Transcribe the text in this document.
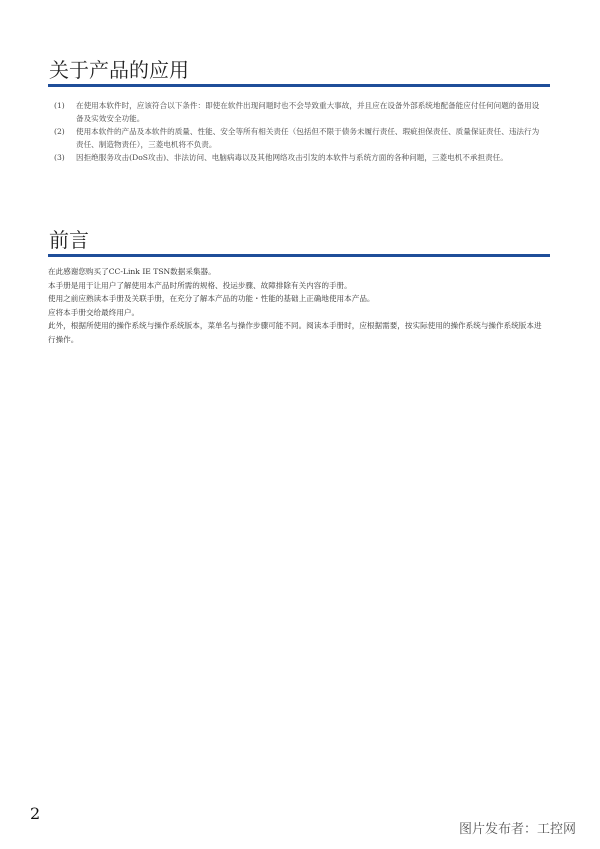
关于产品的应用
(1)	在使用本软件时，应该符合以下条件：即使在软件出现问题时也不会导致重大事故，并且应在设备外部系统地配备能应付任何问题的备用设备及实效安全功能。
(2)	使用本软件的产品及本软件的质量、性能、安全等所有相关责任（包括但不限于债务未履行责任、瑕疵担保责任、质量保证责任、违法行为责任、制造物责任），三菱电机将不负责。
(3)	因拒绝服务攻击(DoS攻击)、非法访问、电脑病毒以及其他网络攻击引发的本软件与系统方面的各种问题，三菱电机不承担责任。
前言

在此感谢您购买了CC-Link IE TSN数据采集器。

本手册是用于让用户了解使用本产品时所需的规格、投运步骤、故障排除有关内容的手册。

使用之前应熟读本手册及关联手册，在充分了解本产品的功能・性能的基础上正确地使用本产品。

应将本手册交给最终用户。

此外，根据所使用的操作系统与操作系统版本，菜单名与操作步骤可能不同。阅读本手册时，应根据需要，按实际使用的操作系统与操作系统版本进行操作。

2
图片发布者：工控网
